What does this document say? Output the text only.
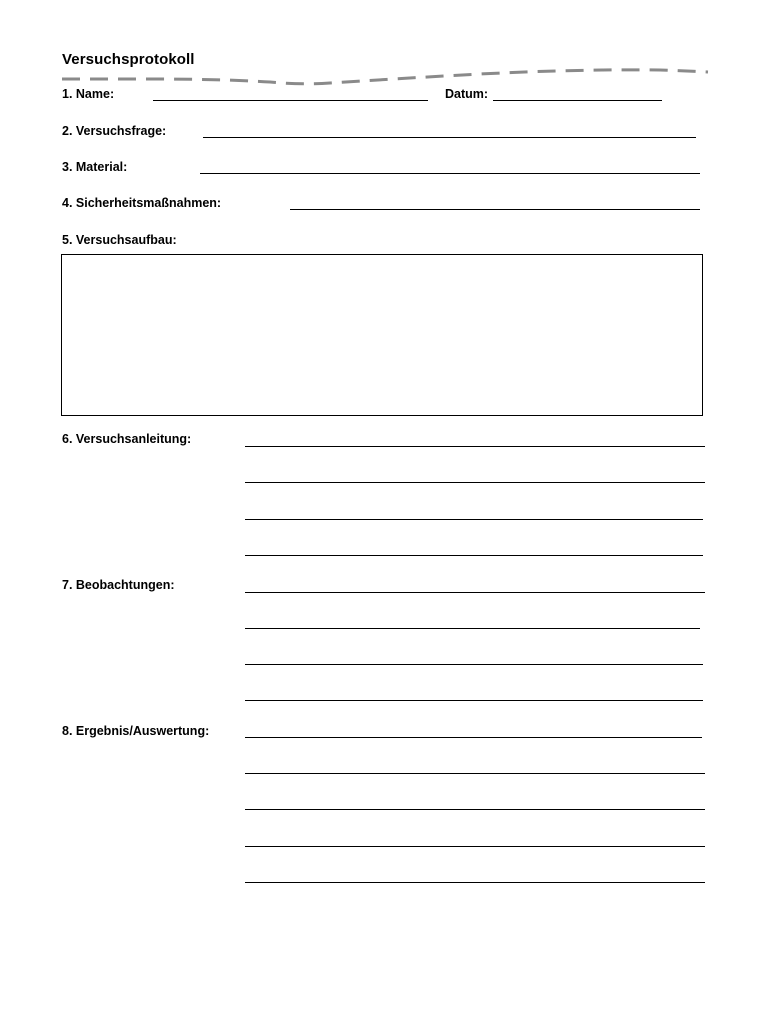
Versuchsprotokoll
1. Name:	Datum:
2. Versuchsfrage:
3. Material:
4. Sicherheitsmaßnahmen:
5. Versuchsaufbau:
6. Versuchsanleitung:
7. Beobachtungen:
8. Ergebnis/Auswertung:
